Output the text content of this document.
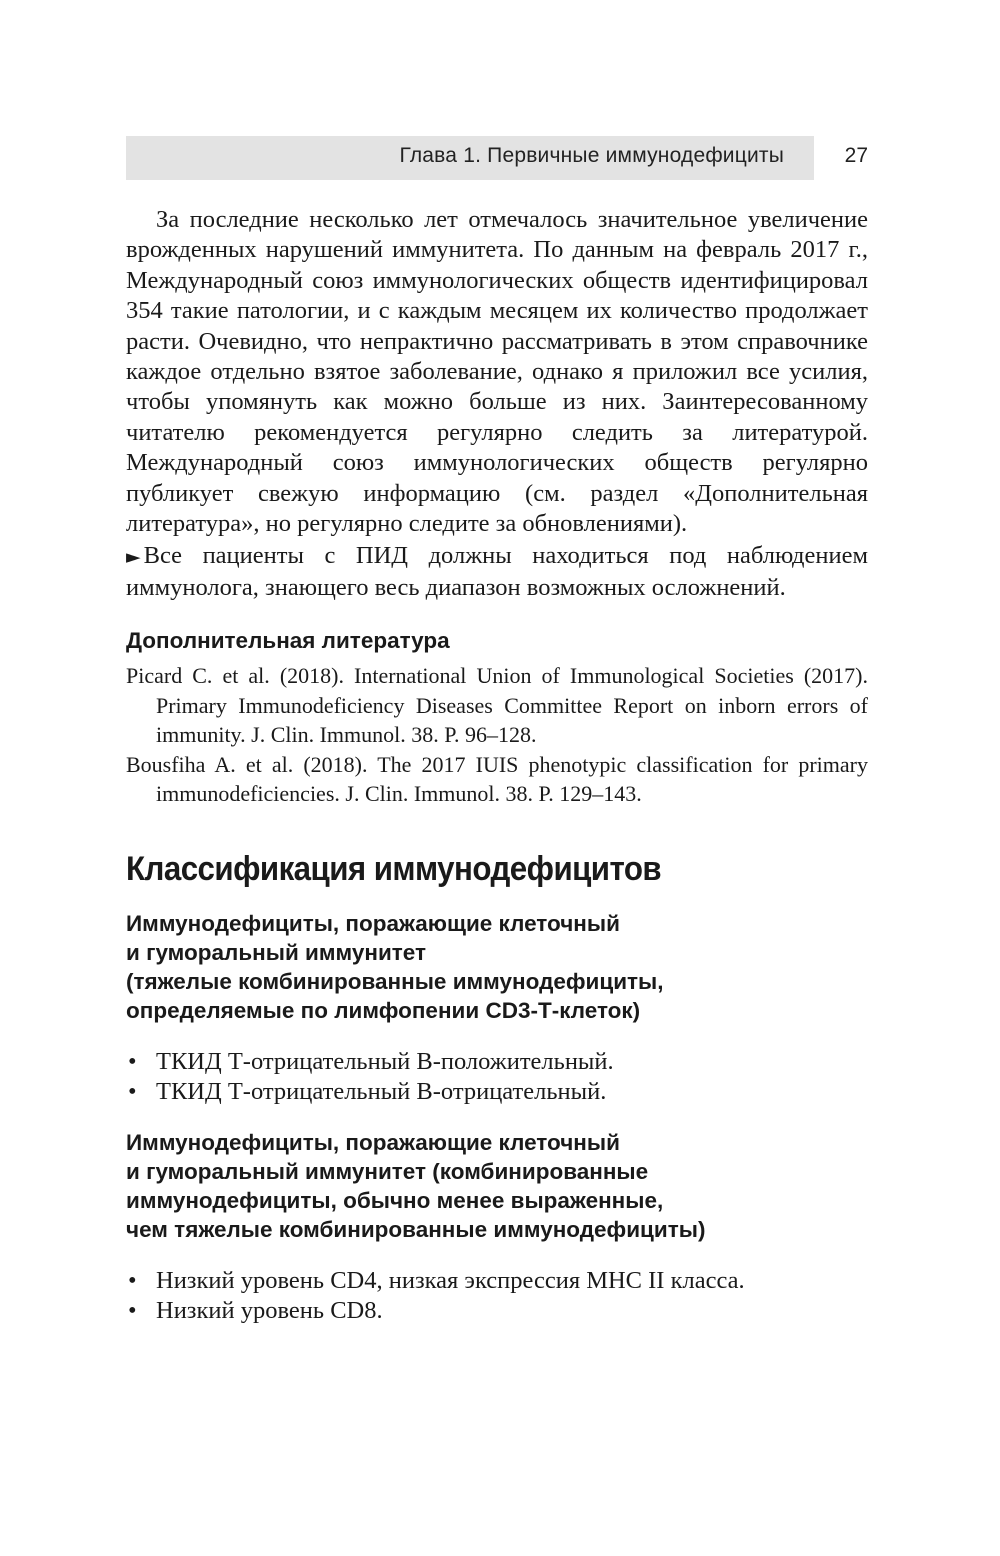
Глава 1. Первичные иммунодефициты	27

За последние несколько лет отмечалось значительное увеличение врожденных нарушений иммунитета. По данным на февраль 2017 г., Международный союз иммунологических обществ идентифицировал 354 такие патологии, и с каждым месяцем их количество продолжает расти. Очевидно, что непрактично рассматривать в этом справочнике каждое отдельно взятое заболевание, однако я приложил все усилия, чтобы упомянуть как можно больше из них. Заинтересованному читателю рекомендуется регулярно следить за литературой. Международный союз иммунологических обществ регулярно публикует свежую информацию (см. раздел «Дополнительная литература», но регулярно следите за обновлениями).

► Все пациенты с ПИД должны находиться под наблюдением иммунолога, знающего весь диапазон возможных осложнений.

Дополнительная литература
Picard C. et al. (2018). International Union of Immunological Societies (2017). Primary Immunodeficiency Diseases Committee Report on inborn errors of immunity. J. Clin. Immunol. 38. P. 96–128.
Bousfiha A. et al. (2018). The 2017 IUIS phenotypic classification for primary immunodeficiencies. J. Clin. Immunol. 38. P. 129–143.
Классификация иммунодефицитов
Иммунодефициты, поражающие клеточный
и гуморальный иммунитет
(тяжелые комбинированные иммунодефициты,
определяемые по лимфопении CD3-Т-клеток)
• ТКИД Т-отрицательный В-положительный.
• ТКИД Т-отрицательный В-отрицательный.
Иммунодефициты, поражающие клеточный
и гуморальный иммунитет (комбинированные
иммунодефициты, обычно менее выраженные,
чем тяжелые комбинированные иммунодефициты)
• Низкий уровень CD4, низкая экспрессия MHC II класса.
• Низкий уровень CD8.
